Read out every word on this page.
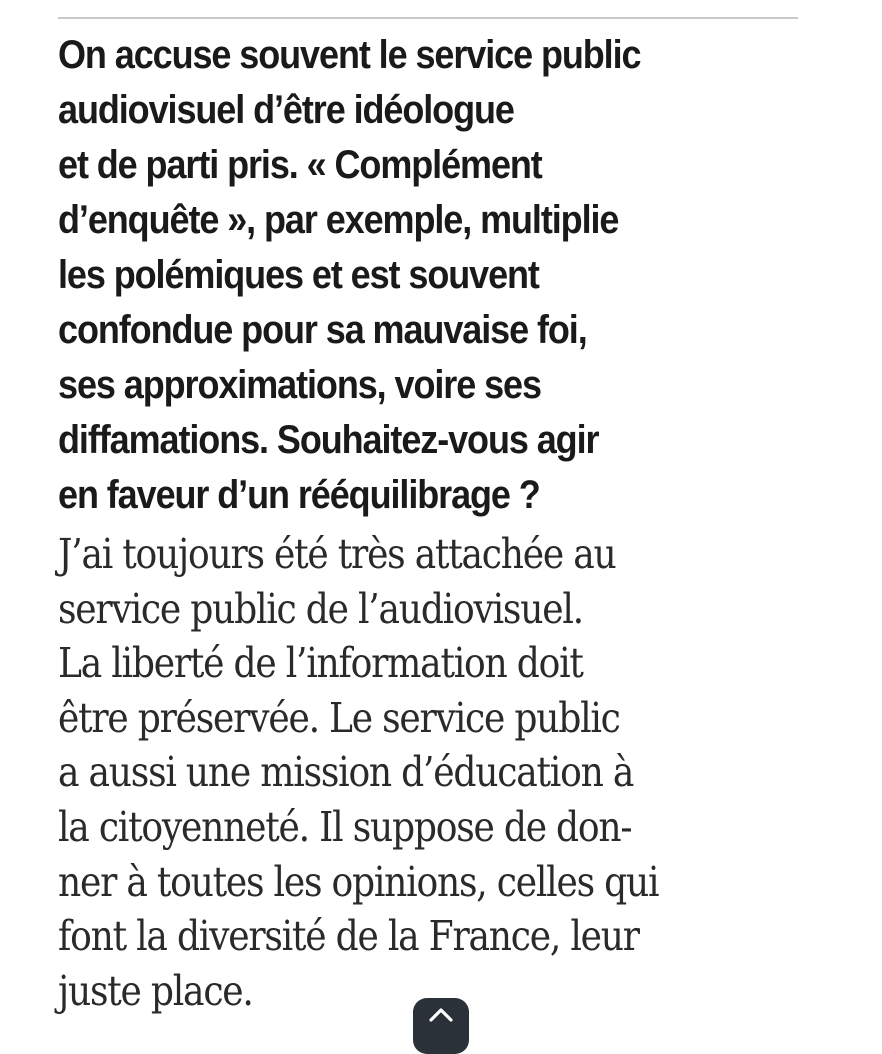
On accuse souvent le service public
audiovisuel d’être idéologue
et de parti pris. « Complément
d’enquête », par exemple, multiplie
les polémiques et est souvent
confondue pour sa mauvaise foi,
ses approximations, voire ses
diffamations. Souhaitez-vous agir
en faveur d’un rééquilibrage ?
J’ai toujours été très attachée au
service public de l’audiovisuel.
La liberté de l’information doit
être préservée. Le service public
a aussi une mission d’éducation à
la citoyenneté. Il suppose de don-
ner à toutes les opinions, celles qui
font la diversité de la France, leur
juste place.
